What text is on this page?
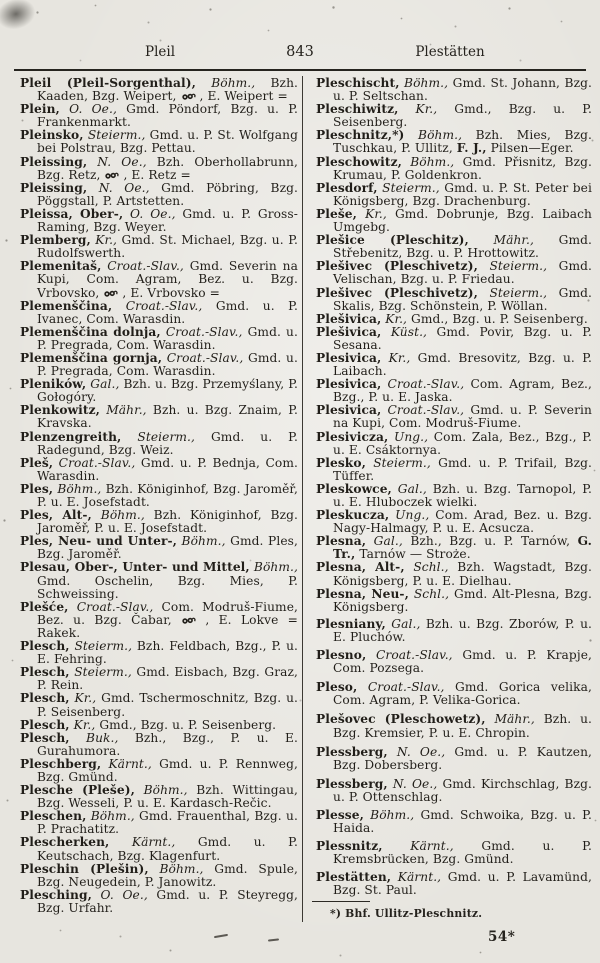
Pleil	843	Plestätten

Pleil (Pleil-Sorgenthal), Böhm., Bzh. Kaaden, Bzg. Weipert,  , E. Weipert =

Plein, O. Oe., Gmd. Pöndorf, Bzg. u. P. Frankenmarkt.

Pleinsko, Steierm., Gmd. u. P. St. Wolfgang bei Polstrau, Bzg. Pettau.

Pleissing, N. Oe., Bzh. Oberhollabrunn, Bzg. Retz,  , E. Retz =

Pleissing, N. Oe., Gmd. Pöbring, Bzg. Pöggstall, P. Artstetten.

Pleissa, Ober-, O. Oe., Gmd. u. P. Gross-Raming, Bzg. Weyer.

Plemberg, Kr., Gmd. St. Michael, Bzg. u. P. Rudolfswerth.

Plemenitaš, Croat.-Slav., Gmd. Severin na Kupi, Com. Agram, Bez. u. Bzg. Vrbovsko,  , E. Vrbovsko =

Plemenščina, Croat.-Slav., Gmd. u. P. Ivanec, Com. Warasdin.

Plemenščina dolnja, Croat.-Slav., Gmd. u. P. Pregrada, Com. Warasdin.

Plemenščina gornja, Croat.-Slav., Gmd. u. P. Pregrada, Com. Warasdin.

Pleników, Gal., Bzh. u. Bzg. Przemyślany, P. Gołogóry.

Plenkowitz, Mähr., Bzh. u. Bzg. Znaim, P. Kravska.

Plenzengreith, Steierm., Gmd. u. P. Radegund, Bzg. Weiz.

Pleš, Croat.-Slav., Gmd. u. P. Bednja, Com. Warasdin.

Ples, Böhm., Bzh. Königinhof, Bzg. Jaroměř, P. u. E. Josefstadt.

Ples, Alt-, Böhm., Bzh. Königinhof, Bzg. Jaroměř, P. u. E. Josefstadt.

Ples, Neu- und Unter-, Böhm., Gmd. Ples, Bzg. Jaroměř.

Plesau, Ober-, Unter- und Mittel, Böhm., Gmd. Oschelin, Bzg. Mies, P. Schweissing.

Plešće, Croat.-Slav., Com. Modruš-Fiume, Bez. u. Bzg. Čabar,  , E. Lokve = Rakek.

Plesch, Steierm., Bzh. Feldbach, Bzg., P. u. E. Fehring.

Plesch, Steierm., Gmd. Eisbach, Bzg. Graz, P. Rein.

Plesch, Kr., Gmd. Tschermoschnitz, Bzg. u. P. Seisenberg.

Plesch, Kr., Gmd., Bzg. u. P. Seisenberg.

Plesch, Buk., Bzh., Bzg., P. u. E. Gurahumora.

Pleschberg, Kärnt., Gmd. u. P. Rennweg, Bzg. Gmünd.

Plesche (Pleše), Böhm., Bzh. Wittingau, Bzg. Wesseli, P. u. E. Kardasch-Rečic.

Pleschen, Böhm., Gmd. Frauenthal, Bzg. u. P. Prachatitz.

Plescherken, Kärnt., Gmd. u. P. Keutschach, Bzg. Klagenfurt.

Pleschin (Plešin), Böhm., Gmd. Spule, Bzg. Neugedein, P. Janowitz.

Plesching, O. Oe., Gmd. u. P. Steyregg, Bzg. Urfahr.

Pleschischt, Böhm., Gmd. St. Johann, Bzg. u. P. Seltschan.

Pleschiwitz, Kr., Gmd., Bzg. u. P. Seisenberg.

Pleschnitz,*) Böhm., Bzh. Mies, Bzg. Tuschkau, P. Ullitz, F. J., Pilsen—Eger.

Pleschowitz, Böhm., Gmd. Přisnitz, Bzg. Krumau, P. Goldenkron.

Plesdorf, Steierm., Gmd. u. P. St. Peter bei Königsberg, Bzg. Drachenburg.

Pleše, Kr., Gmd. Dobrunje, Bzg. Laibach Umgebg.

Plešice (Pleschitz), Mähr., Gmd. Střebenitz, Bzg. u. P. Hrottowitz.

Plešivec (Pleschivetz), Steierm., Gmd. Velischan, Bzg. u. P. Friedau.

Plešivec (Pleschivetz), Steierm., Gmd. Skalis, Bzg. Schönstein, P. Wöllan.

Plešivica, Kr., Gmd., Bzg. u. P. Seisenberg.

Plešivica, Küst., Gmd. Povir, Bzg. u. P. Sesana.

Plesivica, Kr., Gmd. Bresovitz, Bzg. u. P. Laibach.

Plesivica, Croat.-Slav., Com. Agram, Bez., Bzg., P. u. E. Jaska.

Plesivica, Croat.-Slav., Gmd. u. P. Severin na Kupi, Com. Modruš-Fiume.

Plesivicza, Ung., Com. Zala, Bez., Bzg., P. u. E. Csáktornya.

Plesko, Steierm., Gmd. u. P. Trifail, Bzg. Tüffer.

Pleskowce, Gal., Bzh. u. Bzg. Tarnopol, P. u. E. Hluboczek wielki.

Pleskucza, Ung., Com. Arad, Bez. u. Bzg. Nagy-Halmagy, P. u. E. Acsucza.

Plesna, Gal., Bzh., Bzg. u. P. Tarnów, G. Tr., Tarnów — Stroże.

Plesna, Alt-, Schl., Bzh. Wagstadt, Bzg. Königsberg, P. u. E. Dielhau.

Plesna, Neu-, Schl., Gmd. Alt-Plesna, Bzg. Königsberg.

Plesniany, Gal., Bzh. u. Bzg. Zborów, P. u. E. Pluchów.

Plesno, Croat.-Slav., Gmd. u. P. Krapje, Com. Pozsega.

Pleso, Croat.-Slav., Gmd. Gorica velika, Com. Agram, P. Velika-Gorica.

Plešovec (Pleschowetz), Mähr., Bzh. u. Bzg. Kremsier, P. u. E. Chropin.

Plessberg, N. Oe., Gmd. u. P. Kautzen, Bzg. Dobersberg.

Plessberg, N. Oe., Gmd. Kirchschlag, Bzg. u. P. Ottenschlag.

Plesse, Böhm., Gmd. Schwoika, Bzg. u. P. Haida.

Plessnitz, Kärnt., Gmd. u. P. Kremsbrücken, Bzg. Gmünd.

Plestätten, Kärnt., Gmd. u. P. Lavamünd, Bzg. St. Paul.

*) Bhf. Ullitz-Pleschnitz.
54*
